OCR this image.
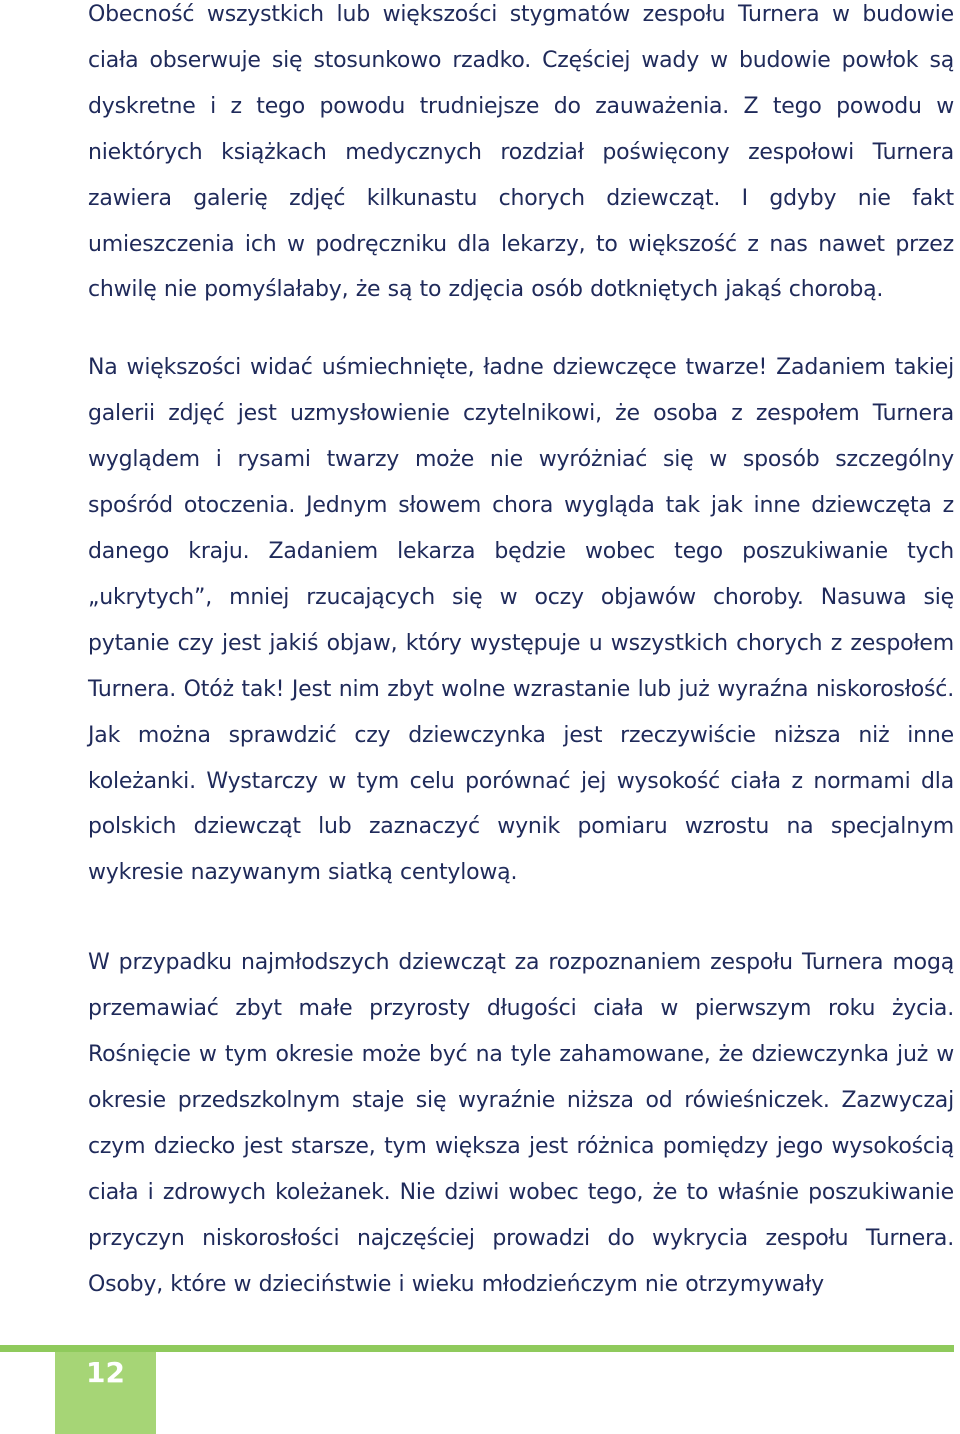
Obecność wszystkich lub większości stygmatów zespołu Turnera w budowie ciała obserwuje się stosunkowo rzadko. Częściej wady w budowie powłok są dyskretne i z tego powodu trudniejsze do zauważenia. Z tego powodu w niektórych książkach medycznych rozdział poświęcony zespołowi Turnera zawiera galerię zdjęć kilkunastu chorych dziewcząt. I gdyby nie fakt umieszczenia ich w podręczniku dla lekarzy, to większość z nas nawet przez chwilę nie pomyślałaby, że są to zdjęcia osób dotkniętych jakąś chorobą.

Na większości widać uśmiechnięte, ładne dziewczęce twarze! Zadaniem takiej galerii zdjęć jest uzmysłowienie czytelnikowi, że osoba z zespołem Turnera wyglądem i rysami twarzy może nie wyróżniać się w sposób szczególny spośród otoczenia. Jednym słowem chora wygląda tak jak inne dziewczęta z danego kraju. Zadaniem lekarza będzie wobec tego poszukiwanie tych „ukrytych”, mniej rzucających się w oczy objawów choroby. Nasuwa się pytanie czy jest jakiś objaw, który występuje u wszystkich chorych z zespołem Turnera. Otóż tak! Jest nim zbyt wolne wzrastanie lub już wyraźna niskorosłość. Jak można sprawdzić czy dziewczynka jest rzeczywiście niższa niż inne koleżanki. Wystarczy w tym celu porównać jej wysokość ciała z normami dla polskich dziewcząt lub zaznaczyć wynik pomiaru wzrostu na specjalnym wykresie nazywanym siatką centylową.

W przypadku najmłodszych dziewcząt za rozpoznaniem zespołu Turnera mogą przemawiać zbyt małe przyrosty długości ciała w pierwszym roku życia. Rośnięcie w tym okresie może być na tyle zahamowane, że dziewczynka już w okresie przedszkolnym staje się wyraźnie niższa od rówieśniczek. Zazwyczaj czym dziecko jest starsze, tym większa jest różnica pomiędzy jego wysokością ciała i zdrowych koleżanek. Nie dziwi wobec tego, że to właśnie poszukiwanie przyczyn niskorosłości najczęściej prowadzi do wykrycia zespołu Turnera. Osoby, które w dzieciństwie i wieku młodzieńczym nie otrzymywały

12
